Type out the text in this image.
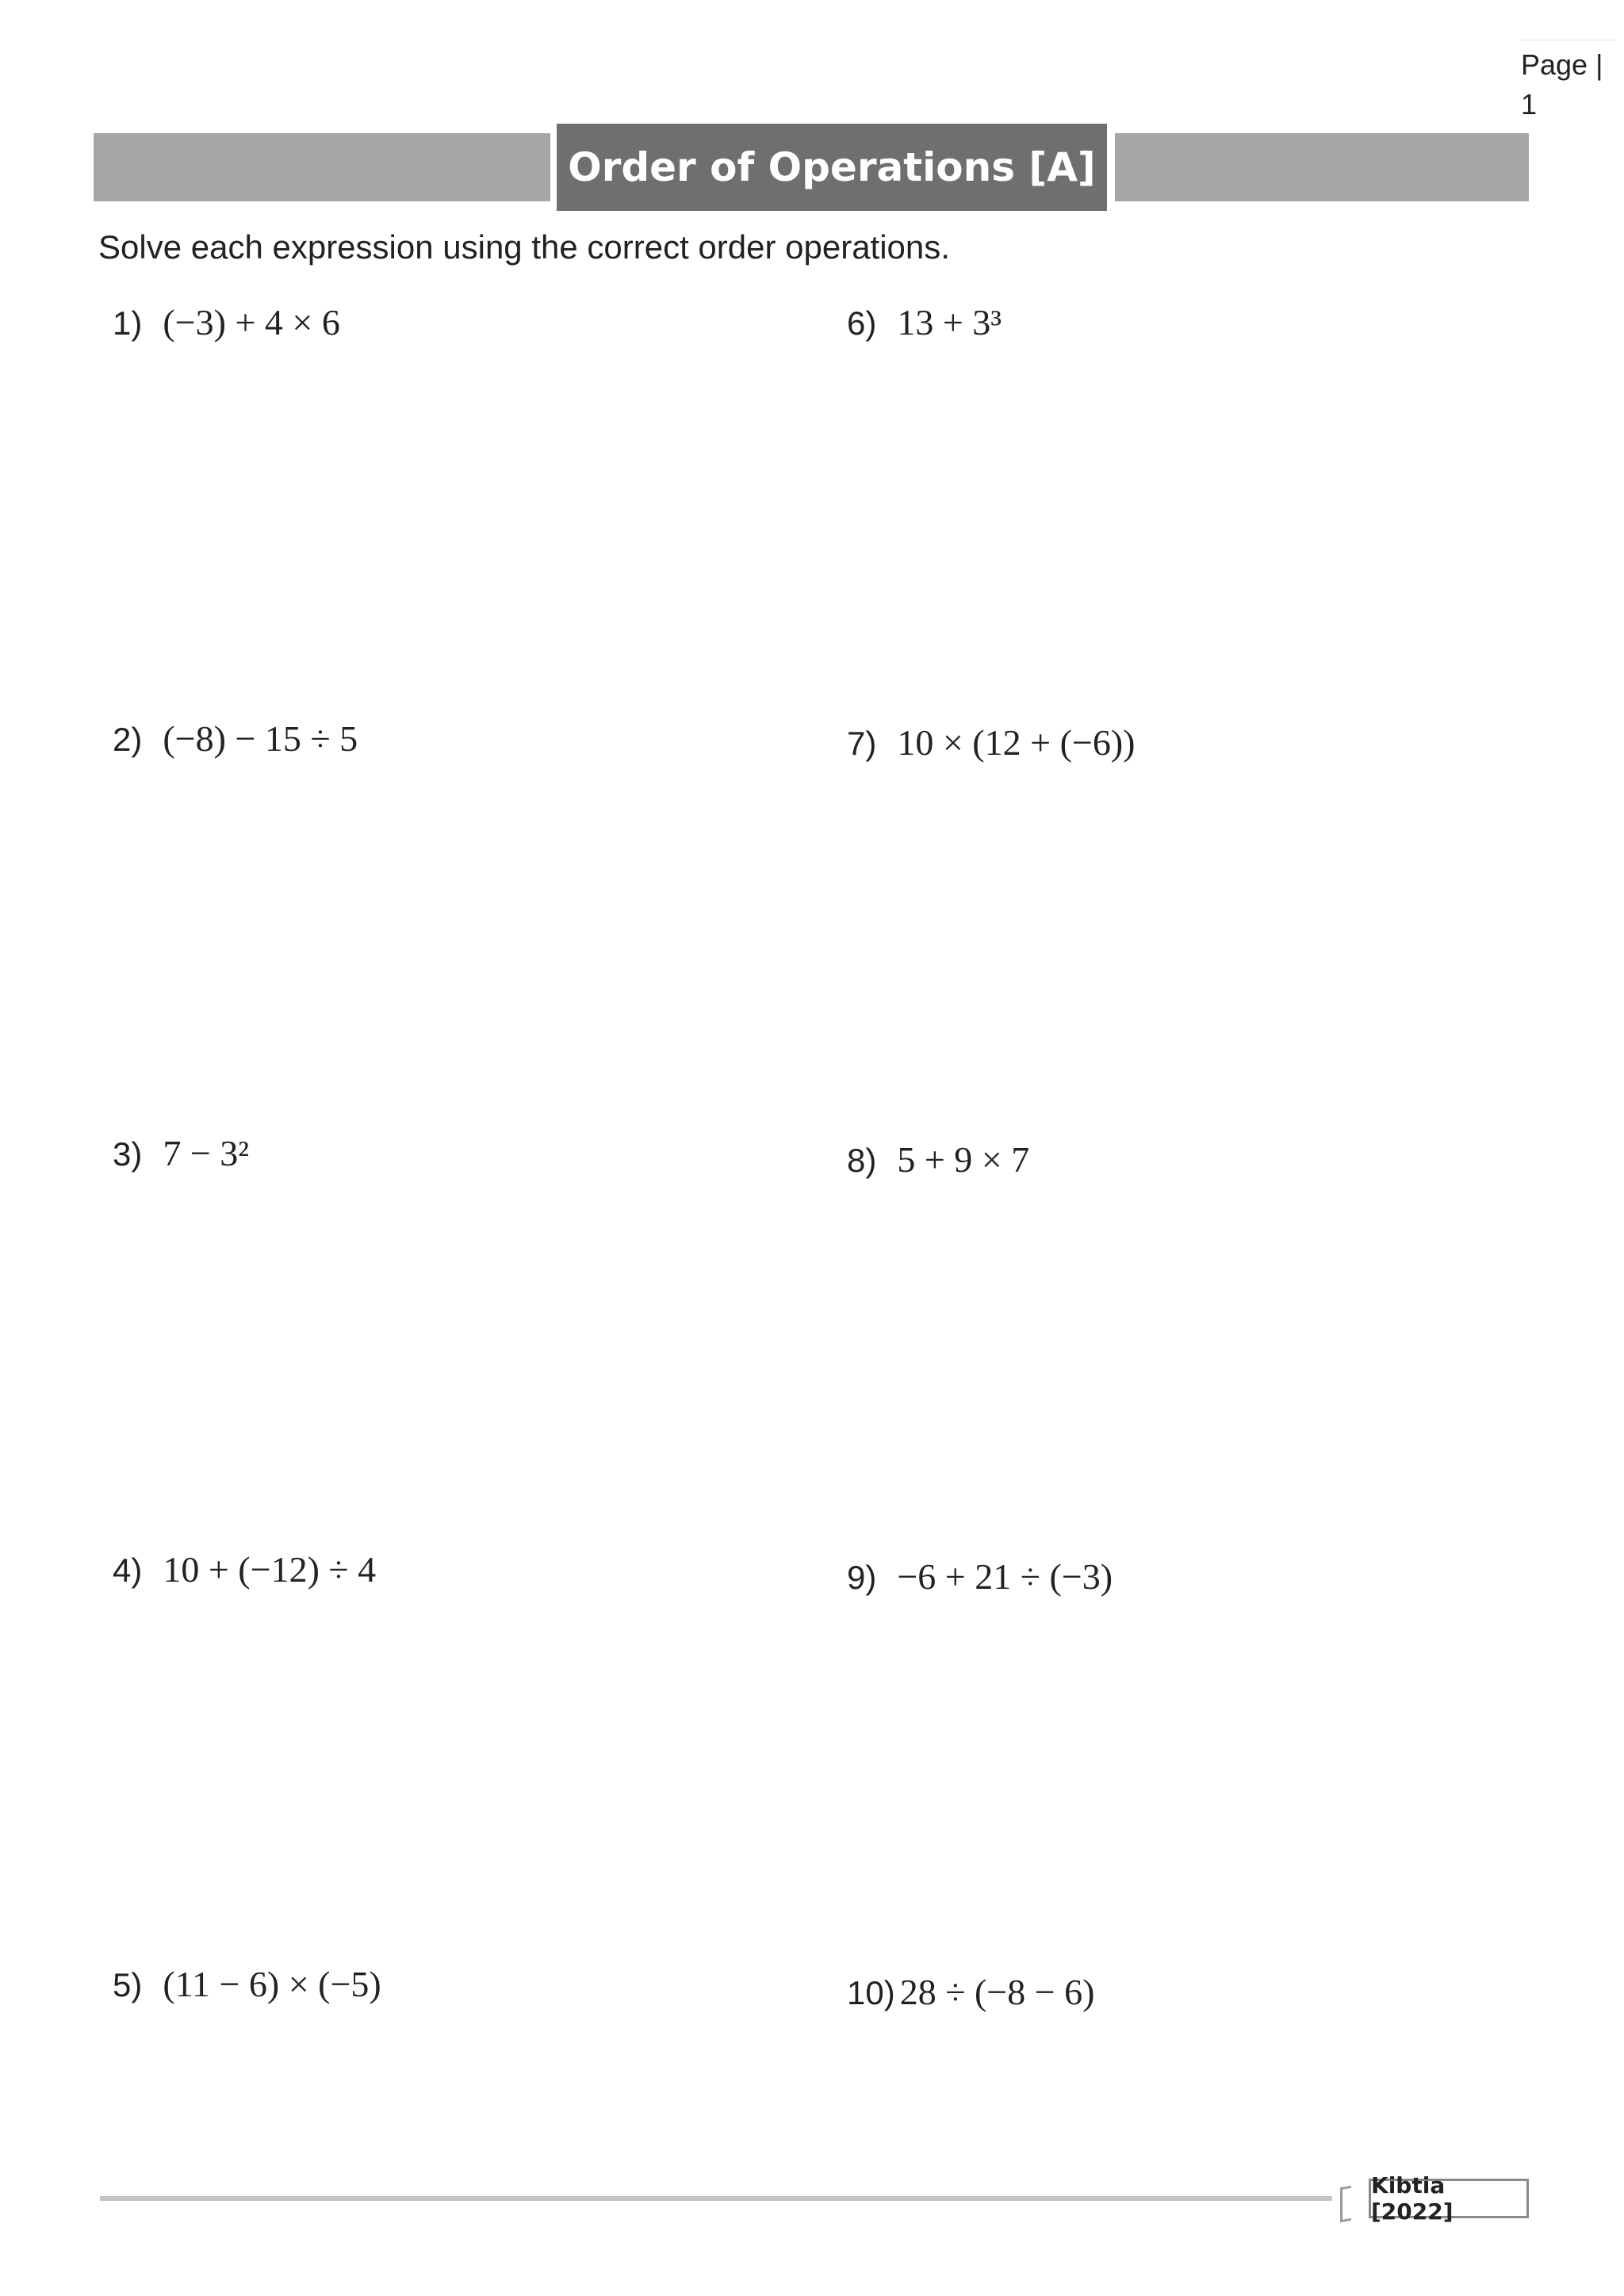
Page | 1
Order of Operations [A]
Solve each expression using the correct order operations.
1) (−3) + 4 × 6
2) (−8) − 15 ÷ 5
3) 7 − 3²
4) 10 + (−12) ÷ 4
5) (11 − 6) × (−5)
6) 13 + 3³
7) 10 × (12 + (−6))
8) 5 + 9 × 7
9) −6 + 21 ÷ (−3)
10) 28 ÷ (−8 − 6)
Kibtia [2022]
